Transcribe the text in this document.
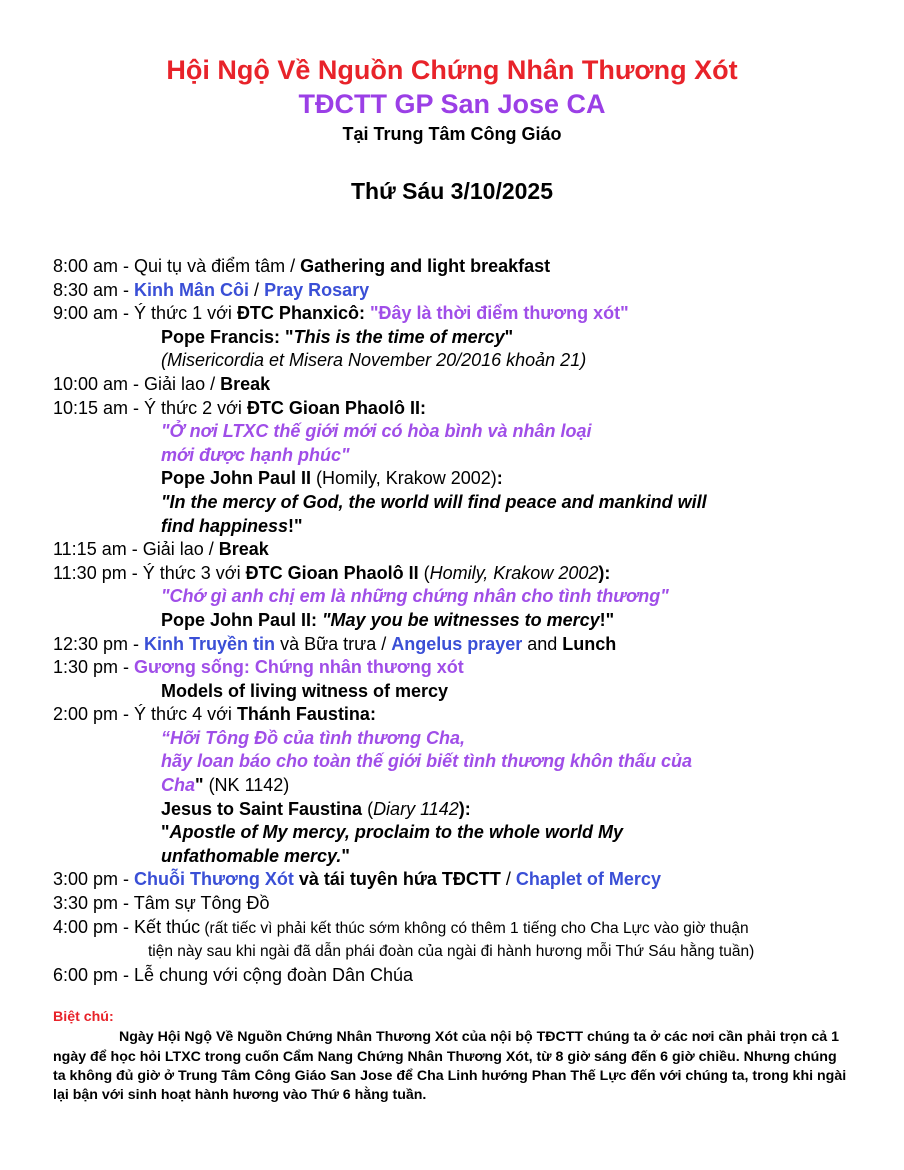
Hội Ngộ Về Nguồn Chứng Nhân Thương Xót
TĐCTT GP San Jose CA
Tại Trung Tâm Công Giáo
Thứ Sáu 3/10/2025
8:00 am - Qui tụ và điểm tâm / Gathering and light breakfast
8:30 am - Kinh Mân Côi / Pray Rosary
9:00 am - Ý thức 1 với ĐTC Phanxicô: "Đây là thời điểm thương xót"
Pope Francis: "This is the time of mercy"
(Misericordia et Misera November 20/2016 khoản 21)
10:00 am - Giải lao / Break
10:15 am - Ý thức 2 với ĐTC Gioan Phaolô II:
"Ở nơi LTXC thế giới mới có hòa bình và nhân loại
mới được hạnh phúc"
Pope John Paul II (Homily, Krakow 2002):
"In the mercy of God, the world will find peace and mankind will
find happiness!"
11:15 am - Giải lao / Break
11:30 pm - Ý thức 3 với ĐTC Gioan Phaolô II (Homily, Krakow 2002):
"Chớ gì anh chị em là những chứng nhân cho tình thương"
Pope John Paul II: "May you be witnesses to mercy!"
12:30 pm - Kinh Truyền tin và Bữa trưa / Angelus prayer and Lunch
1:30 pm - Gương sống: Chứng nhân thương xót
Models of living witness of mercy
2:00 pm - Ý thức 4 với Thánh Faustina:
“Hỡi Tông Đồ của tình thương Cha,
hãy loan báo cho toàn thế giới biết tình thương khôn thấu của
Cha" (NK 1142)
Jesus to Saint Faustina (Diary 1142):
"Apostle of My mercy, proclaim to the whole world My
unfathomable mercy."
3:00 pm - Chuỗi Thương Xót và tái tuyên hứa TĐCTT / Chaplet of Mercy
3:30 pm - Tâm sự Tông Đồ
4:00 pm - Kết thúc (rất tiếc vì phải kết thúc sớm không có thêm 1 tiếng cho Cha Lực vào giờ thuận
tiện này sau khi ngài đã dẫn phái đoàn của ngài đi hành hương mỗi Thứ Sáu hằng tuần)
6:00 pm - Lễ chung với cộng đoàn Dân Chúa
Biệt chú:
Ngày Hội Ngộ Về Nguồn Chứng Nhân Thương Xót của nội bộ TĐCTT chúng ta ở các nơi cần phải trọn cả 1 ngày để học hỏi LTXC trong cuốn Cẩm Nang Chứng Nhân Thương Xót, từ 8 giờ sáng đến 6 giờ chiều. Nhưng chúng ta không đủ giờ ở Trung Tâm Công Giáo San Jose để Cha Linh hướng Phan Thế Lực đến với chúng ta, trong khi ngài lại bận với sinh hoạt hành hương vào Thứ 6 hằng tuần.
